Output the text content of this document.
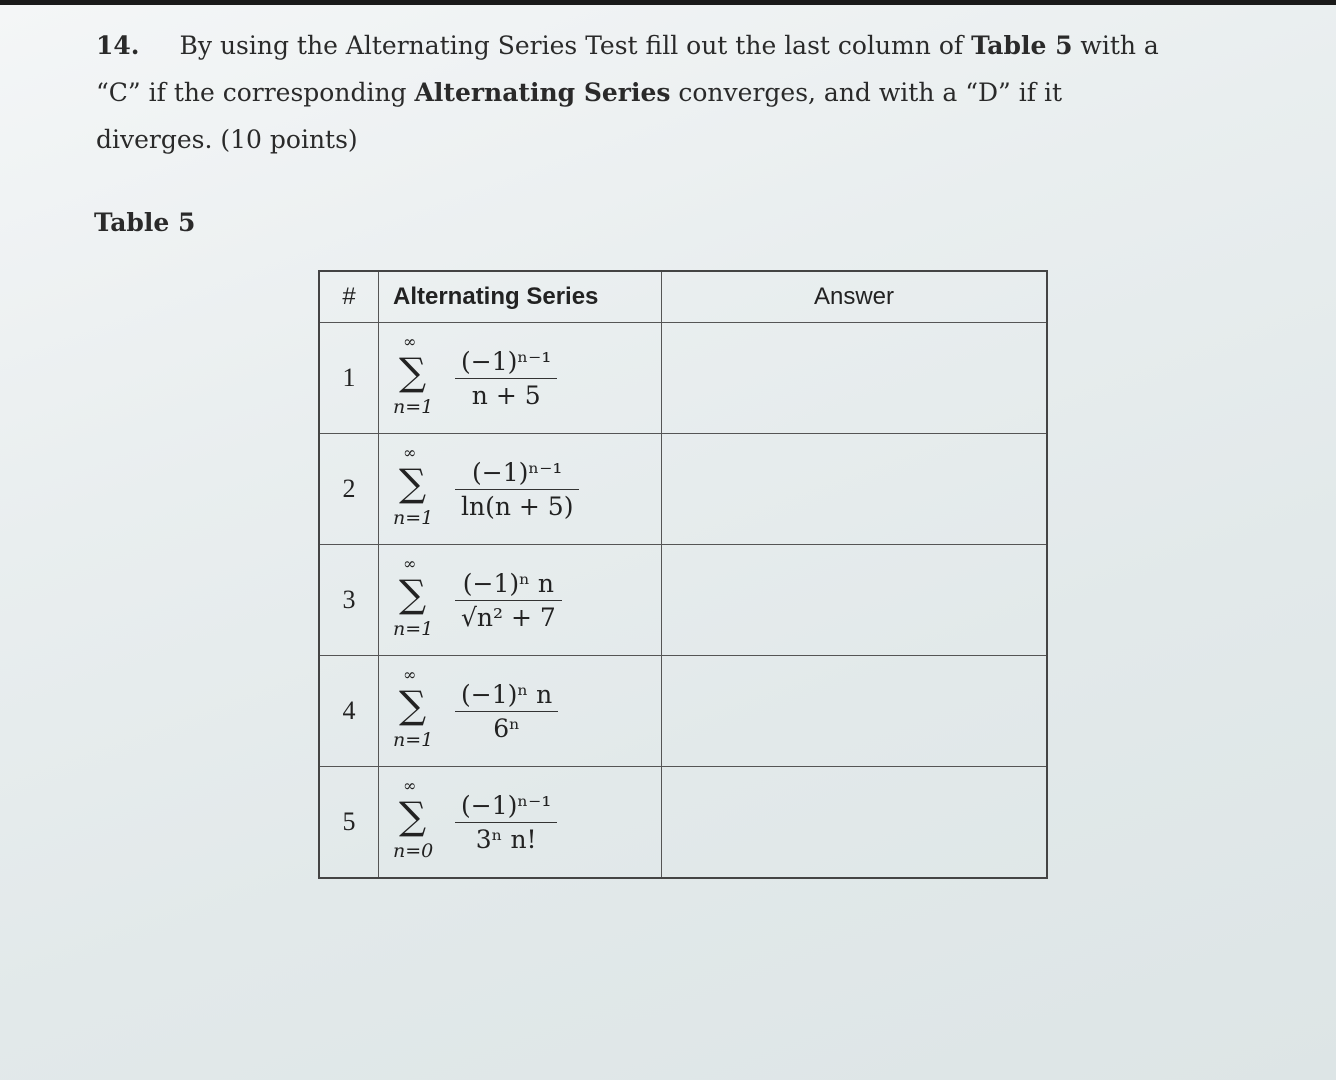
14. By using the Alternating Series Test fill out the last column of Table 5 with a “C” if the corresponding Alternating Series converges, and with a “D” if it diverges. (10 points)
Table 5
#	Alternating Series	Answer
1	∞
∑
$n=1 \frac{\text{(−1)ⁿ⁻¹}}{n + 5}$

2	∞
∑
$n=1 \frac{\text{(−1)ⁿ⁻¹}}{\ln(n + 5)}$

3	∞
∑
$n=1 \frac{\text{(−1)ⁿ n}}{\text{√n² + 7}}$

4	∞
∑
$n=1 \frac{\text{(−1)ⁿ n}}{\text{6ⁿ}}$

5	∞
∑
$n=0 \frac{\text{(−1)ⁿ⁻¹}}{\text{3ⁿ n!}}$
